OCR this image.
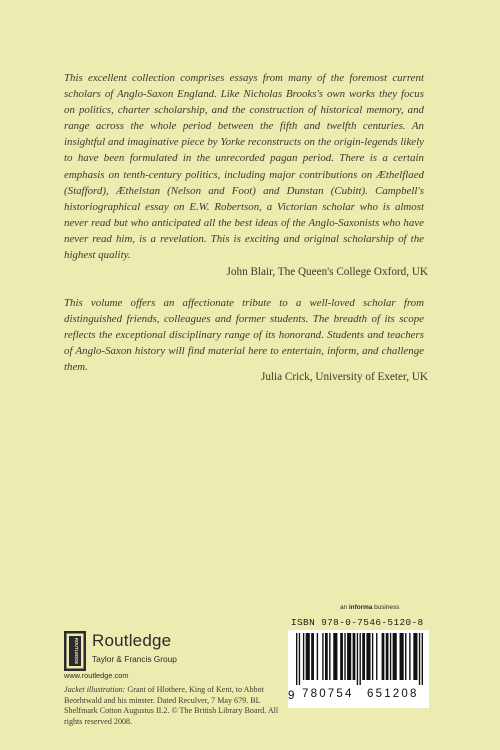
This excellent collection comprises essays from many of the foremost current scholars of Anglo-Saxon England. Like Nicholas Brooks's own works they focus on politics, charter scholarship, and the construction of historical memory, and range across the whole period between the fifth and twelfth centuries. An insightful and imaginative piece by Yorke reconstructs on the origin-legends likely to have been formulated in the unrecorded pagan period. There is a certain emphasis on tenth-century politics, including major contributions on Æthelflaed (Stafford), Æthelstan (Nelson and Foot) and Dunstan (Cubitt). Campbell's historiographical essay on E.W. Robertson, a Victorian scholar who is almost never read but who anticipated all the best ideas of the Anglo-Saxonists who have never read him, is a revelation. This is exciting and original scholarship of the highest quality.

John Blair, The Queen's College Oxford, UK

This volume offers an affectionate tribute to a well-loved scholar from distinguished friends, colleagues and former students. The breadth of its scope reflects the exceptional disciplinary range of its honorand. Students and teachers of Anglo-Saxon history will find material here to entertain, inform, and challenge them.

Julia Crick, University of Exeter, UK
an informa business
ROUTLEDGE Routledge
Taylor & Francis Group
www.routledge.com
Jacket illustration: Grant of Hlothere, King of Kent, to Abbot Beorhtwald and his minster. Dated Reculver, 7 May 679. BL Shelfmark Cotton Augustus II.2. © The British Library Board. All rights reserved 2008.
ISBN 978-0-7546-5120-8
9 780754 651208
